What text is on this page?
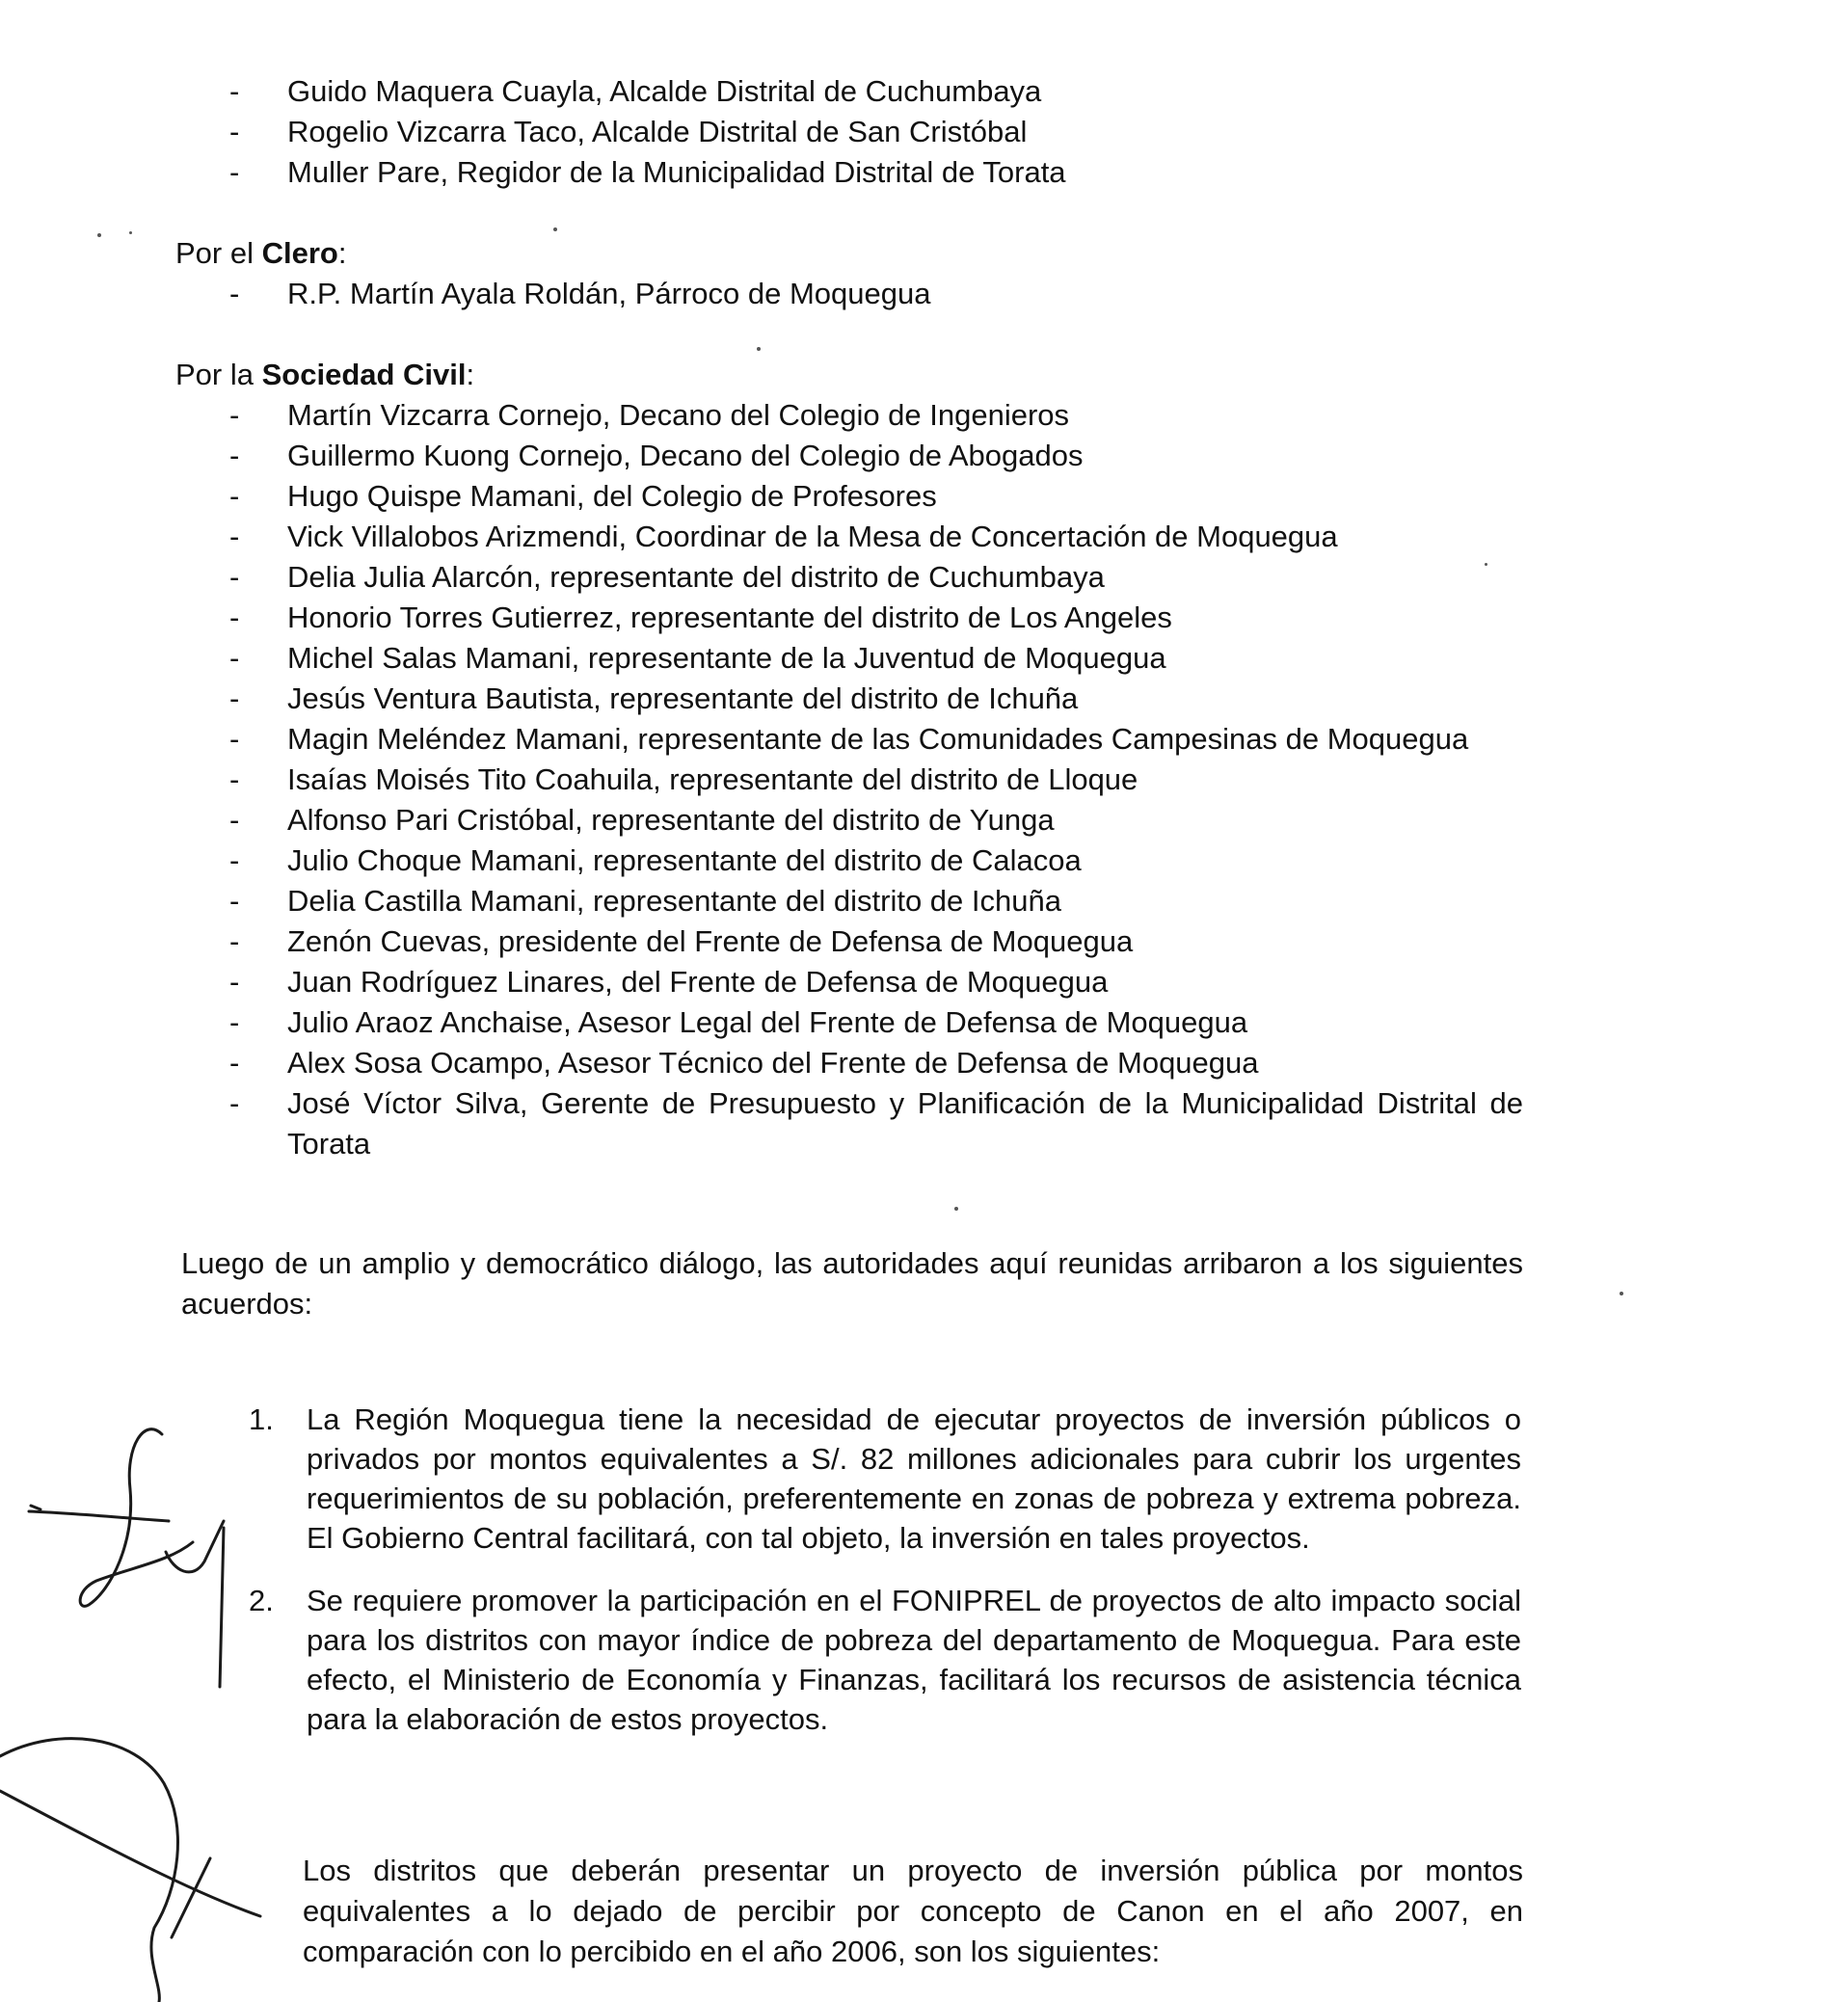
- Guido Maquera Cuayla, Alcalde Distrital de Cuchumbaya
- Rogelio Vizcarra Taco, Alcalde Distrital de San Cristóbal
- Muller Pare, Regidor de la Municipalidad Distrital de Torata

Por el Clero:

- R.P. Martín Ayala Roldán, Párroco de Moquegua

Por la Sociedad Civil:

- Martín Vizcarra Cornejo, Decano del Colegio de Ingenieros
- Guillermo Kuong Cornejo, Decano del Colegio de Abogados
- Hugo Quispe Mamani, del Colegio de Profesores
- Vick Villalobos Arizmendi, Coordinar de la Mesa de Concertación de Moquegua
- Delia Julia Alarcón, representante del distrito de Cuchumbaya
- Honorio Torres Gutierrez, representante del distrito de Los Angeles
- Michel Salas Mamani, representante de la Juventud de Moquegua
- Jesús Ventura Bautista, representante del distrito de Ichuña
- Magin Meléndez Mamani, representante de las Comunidades Campesinas de Moquegua
- Isaías Moisés Tito Coahuila, representante del distrito de Lloque
- Alfonso Pari Cristóbal, representante del distrito de Yunga
- Julio Choque Mamani, representante del distrito de Calacoa
- Delia Castilla Mamani, representante del distrito de Ichuña
- Zenón Cuevas, presidente del Frente de Defensa de Moquegua
- Juan Rodríguez Linares, del Frente de Defensa de Moquegua
- Julio Araoz Anchaise, Asesor Legal del Frente de Defensa de Moquegua
- Alex Sosa Ocampo, Asesor Técnico del Frente de Defensa de Moquegua
- José Víctor Silva, Gerente de Presupuesto y Planificación de la Municipalidad Distrital de Torata

Luego de un amplio y democrático diálogo, las autoridades aquí reunidas arribaron a los siguientes acuerdos:

1. La Región Moquegua tiene la necesidad de ejecutar proyectos de inversión públicos o privados por montos equivalentes a S/. 82 millones adicionales para cubrir los urgentes requerimientos de su población, preferentemente en zonas de pobreza y extrema pobreza. El Gobierno Central facilitará, con tal objeto, la inversión en tales proyectos.
2. Se requiere promover la participación en el FONIPREL de proyectos de alto impacto social para los distritos con mayor índice de pobreza del departamento de Moquegua. Para este efecto, el Ministerio de Economía y Finanzas, facilitará los recursos de asistencia técnica para la elaboración de estos proyectos.

Los distritos que deberán presentar un proyecto de inversión pública por montos equivalentes a lo dejado de percibir por concepto de Canon en el año 2007, en comparación con lo percibido en el año 2006, son los siguientes:
